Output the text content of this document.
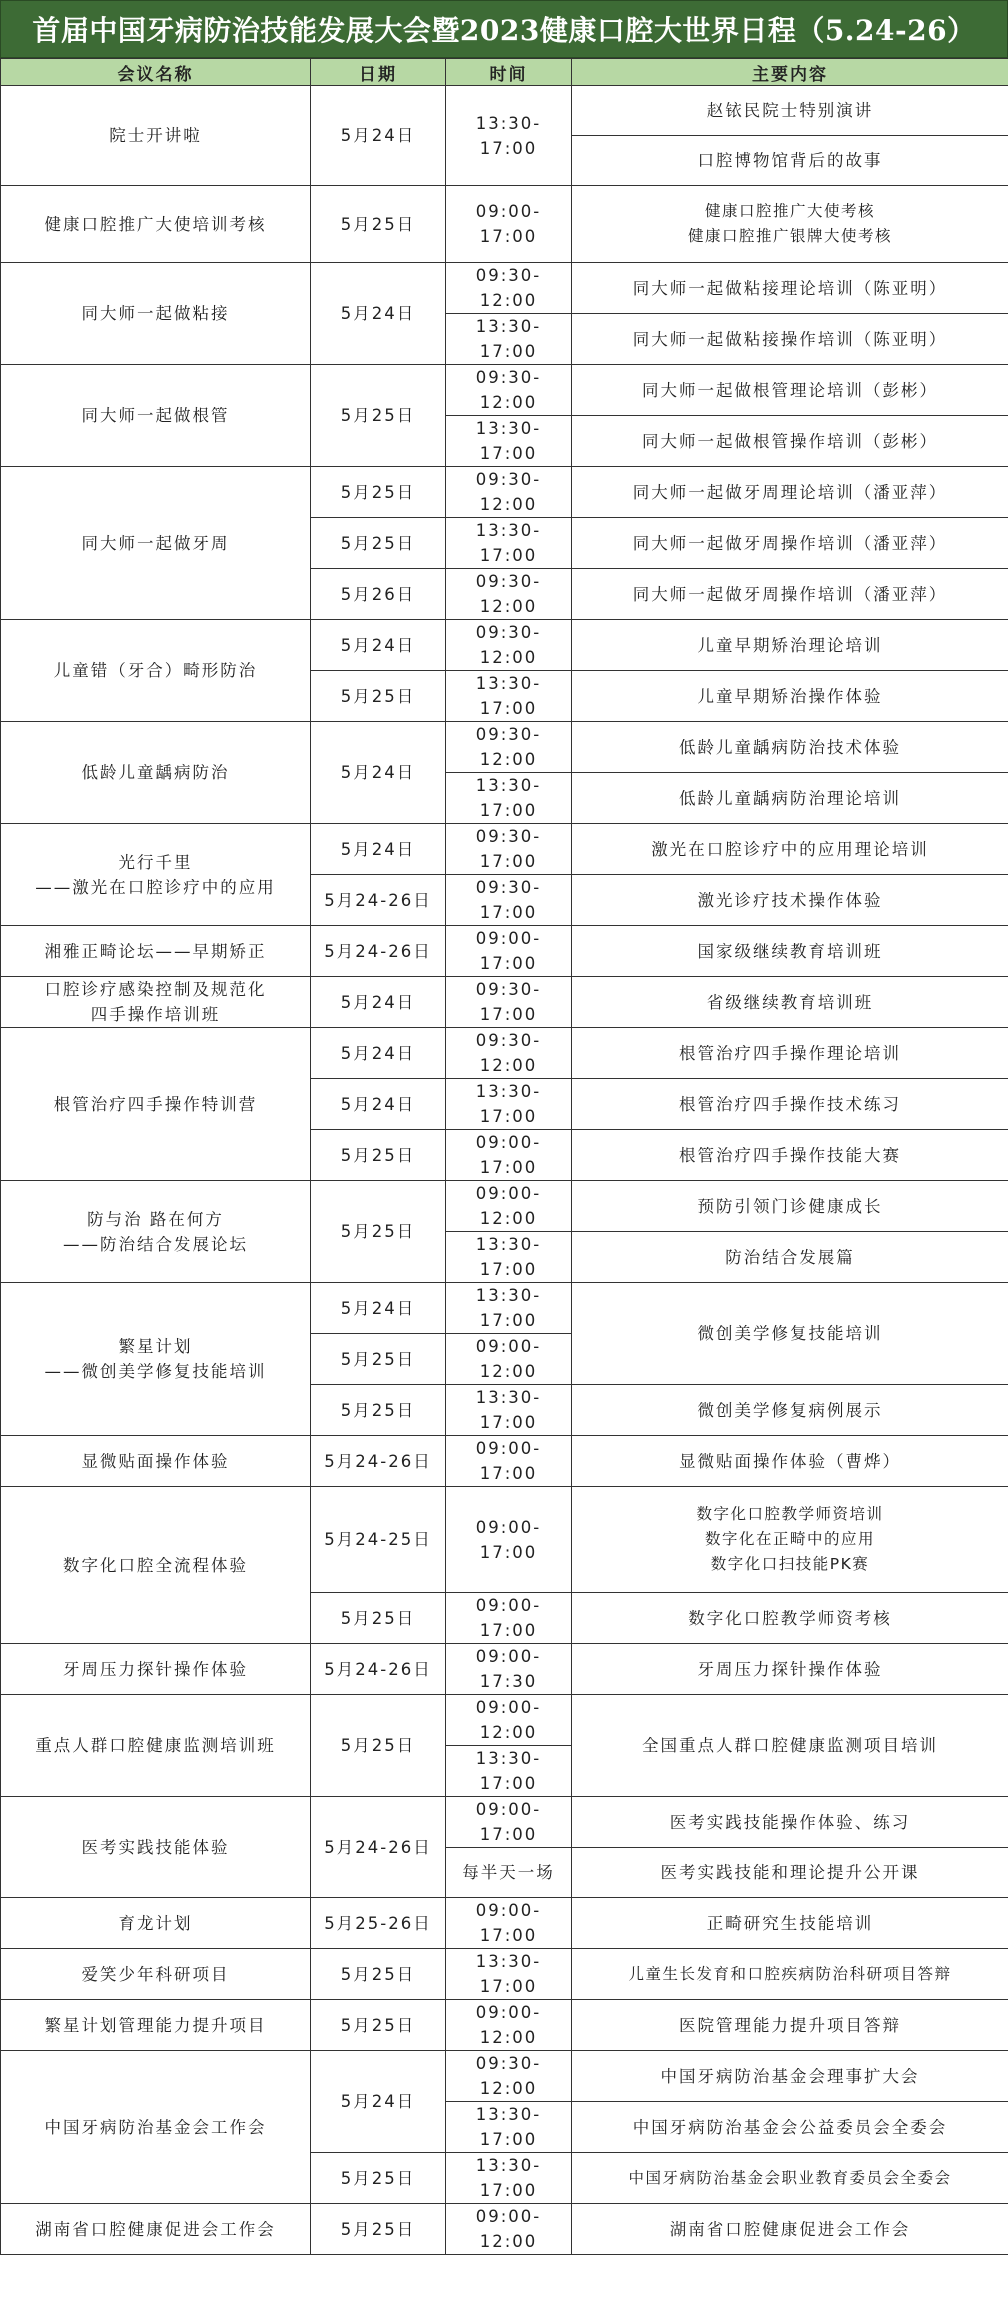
首届中国牙病防治技能发展大会暨2023健康口腔大世界日程（5.24-26）
会议名称	日期	时间	主要内容
院士开讲啦	5月24日	13:30-17:00	赵铱民院士特别演讲
			口腔博物馆背后的故事
健康口腔推广大使培训考核	5月25日	09:00-17:00	健康口腔推广大使考核
健康口腔推广银牌大使考核
同大师一起做粘接	5月24日	09:30-12:00	同大师一起做粘接理论培训（陈亚明）
		13:30-17:00	同大师一起做粘接操作培训（陈亚明）
同大师一起做根管	5月25日	09:30-12:00	同大师一起做根管理论培训（彭彬）
		13:30-17:00	同大师一起做根管操作培训（彭彬）
同大师一起做牙周	5月25日	09:30-12:00	同大师一起做牙周理论培训（潘亚萍）
	5月25日	13:30-17:00	同大师一起做牙周操作培训（潘亚萍）
	5月26日	09:30-12:00	同大师一起做牙周操作培训（潘亚萍）
儿童错（牙合）畸形防治	5月24日	09:30-12:00	儿童早期矫治理论培训
	5月25日	13:30-17:00	儿童早期矫治操作体验
低龄儿童龋病防治	5月24日	09:30-12:00	低龄儿童龋病防治技术体验
		13:30-17:00	低龄儿童龋病防治理论培训
光行千里
——激光在口腔诊疗中的应用	5月24日	09:30-17:00	激光在口腔诊疗中的应用理论培训
	5月24-26日	09:30-17:00	激光诊疗技术操作体验
湘雅正畸论坛——早期矫正	5月24-26日	09:00-17:00	国家级继续教育培训班
口腔诊疗感染控制及规范化
四手操作培训班	5月24日	09:30-17:00	省级继续教育培训班
根管治疗四手操作特训营	5月24日	09:30-12:00	根管治疗四手操作理论培训
	5月24日	13:30-17:00	根管治疗四手操作技术练习
	5月25日	09:00-17:00	根管治疗四手操作技能大赛
防与治 路在何方
——防治结合发展论坛	5月25日	09:00-12:00	预防引领门诊健康成长
		13:30-17:00	防治结合发展篇
繁星计划
——微创美学修复技能培训	5月24日	13:30-17:00	微创美学修复技能培训
	5月25日	09:00-12:00	
	5月25日	13:30-17:00	微创美学修复病例展示
显微贴面操作体验	5月24-26日	09:00-17:00	显微贴面操作体验（曹烨）
数字化口腔全流程体验	5月24-25日	09:00-17:00	数字化口腔教学师资培训
数字化在正畸中的应用
数字化口扫技能PK赛
	5月25日	09:00-17:00	数字化口腔教学师资考核
牙周压力探针操作体验	5月24-26日	09:00-17:30	牙周压力探针操作体验
重点人群口腔健康监测培训班	5月25日	09:00-12:00	全国重点人群口腔健康监测项目培训
		13:30-17:00	
医考实践技能体验	5月24-26日	09:00-17:00	医考实践技能操作体验、练习
		每半天一场	医考实践技能和理论提升公开课
育龙计划	5月25-26日	09:00-17:00	正畸研究生技能培训
爱笑少年科研项目	5月25日	13:30-17:00	儿童生长发育和口腔疾病防治科研项目答辩
繁星计划管理能力提升项目	5月25日	09:00-12:00	医院管理能力提升项目答辩
中国牙病防治基金会工作会	5月24日	09:30-12:00	中国牙病防治基金会理事扩大会
		13:30-17:00	中国牙病防治基金会公益委员会全委会
	5月25日	13:30-17:00	中国牙病防治基金会职业教育委员会全委会
湖南省口腔健康促进会工作会	5月25日	09:00-12:00	湖南省口腔健康促进会工作会
